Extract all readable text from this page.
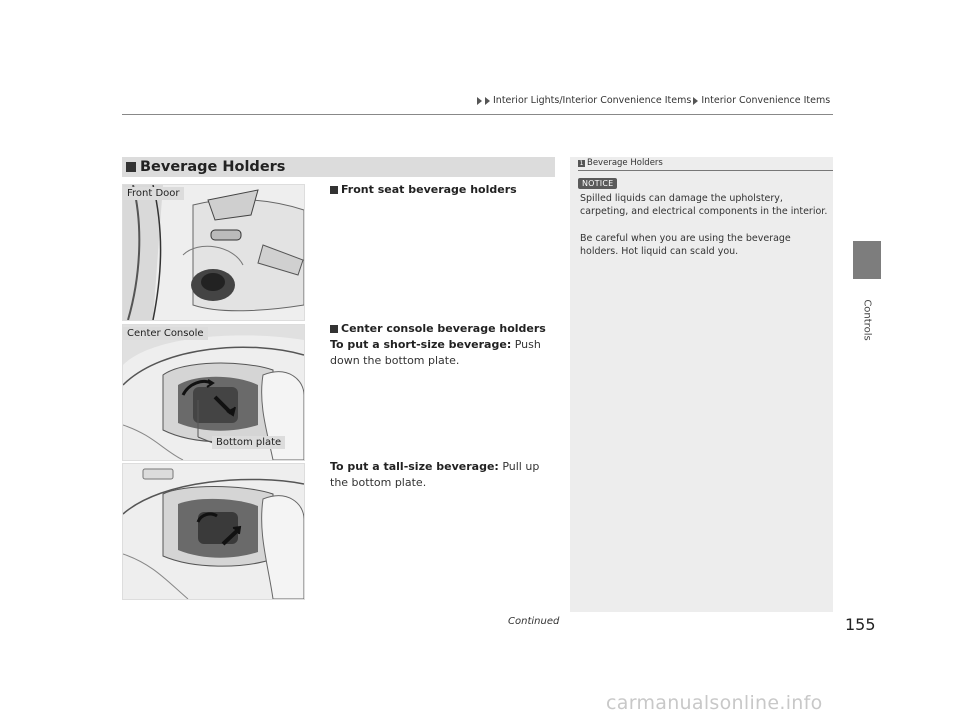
Interior Lights/Interior Convenience Items Interior Convenience Items
Controls
Beverage Holders
Front Door
Center Console
Bottom plate
Front seat beverage holders
Center console beverage holders
To put a short-size beverage: Push down the bottom plate.
To put a tall-size beverage: Pull up the bottom plate.
1 Beverage Holders
NOTICE
Spilled liquids can damage the upholstery, carpeting, and electrical components in the interior.
Be careful when you are using the beverage holders. Hot liquid can scald you.
Continued	155
carmanualsonline.info
